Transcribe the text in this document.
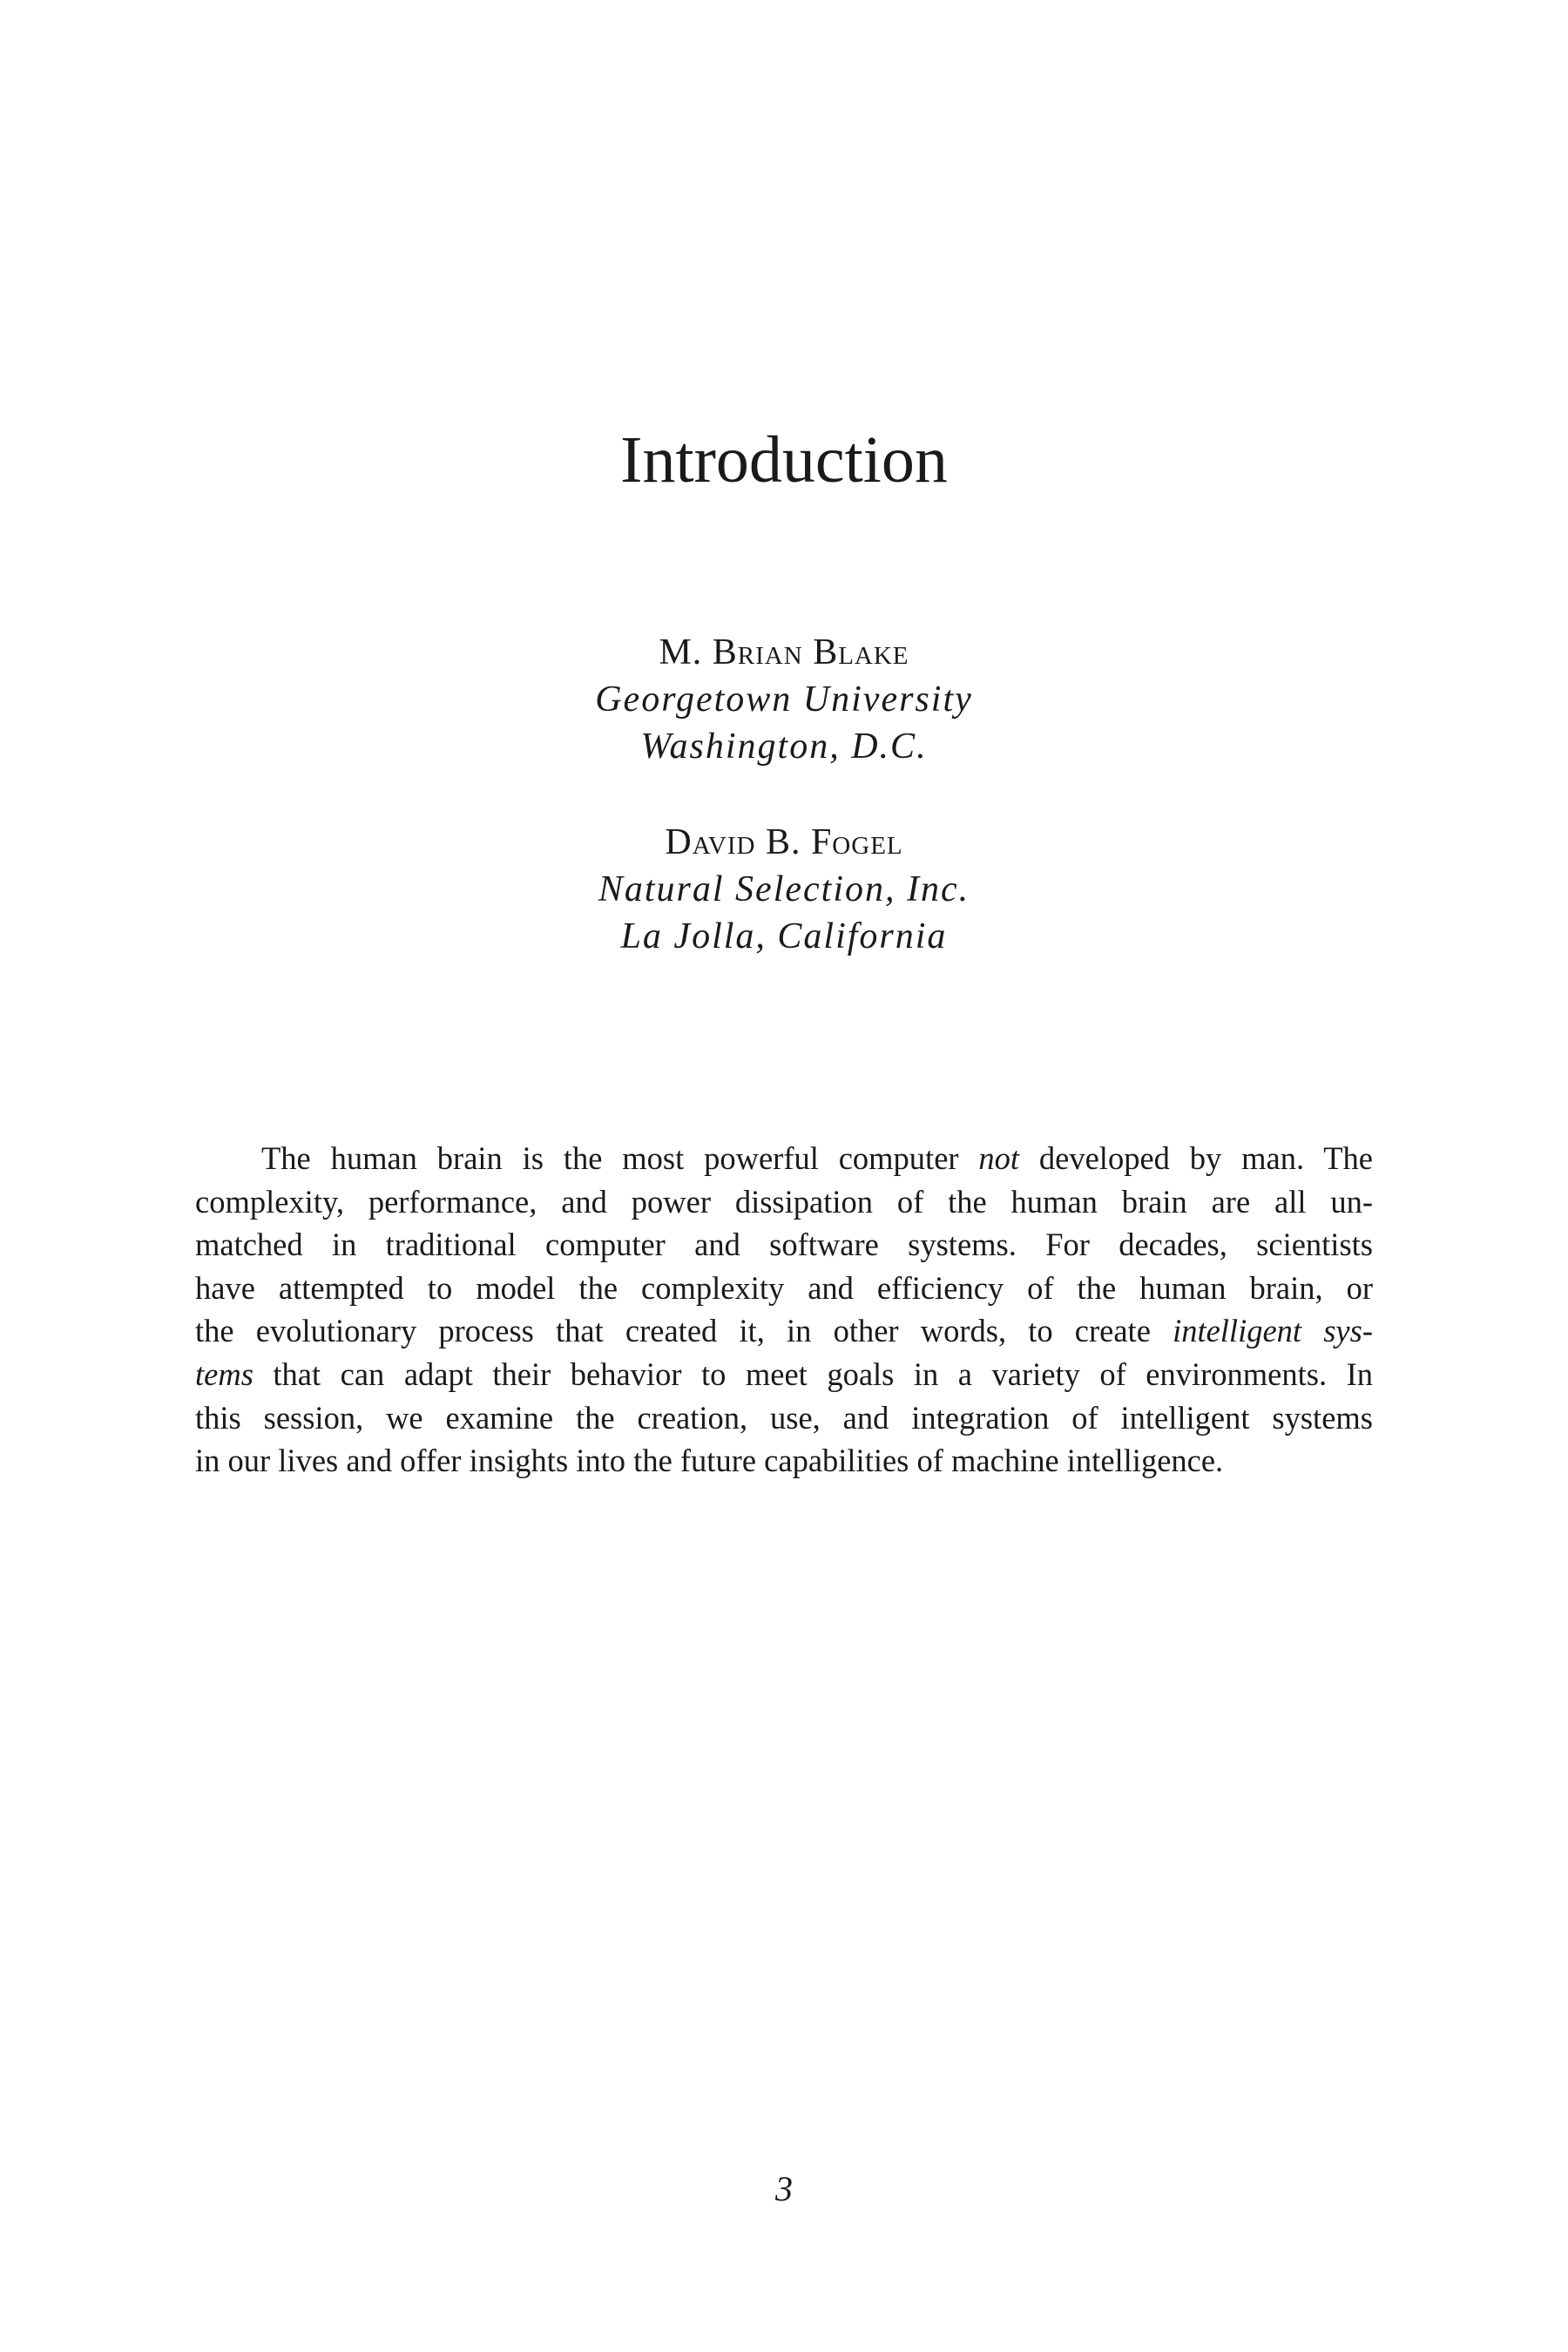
Introduction
M. Brian Blake
Georgetown University
Washington, D.C.
David B. Fogel
Natural Selection, Inc.
La Jolla, California
The human brain is the most powerful computer not developed by man. The
complexity, performance, and power dissipation of the human brain are all un-
matched in traditional computer and software systems. For decades, scientists
have attempted to model the complexity and efficiency of the human brain, or
the evolutionary process that created it, in other words, to create intelligent sys-
tems that can adapt their behavior to meet goals in a variety of environments. In
this session, we examine the creation, use, and integration of intelligent systems
in our lives and offer insights into the future capabilities of machine intelligence.
3
